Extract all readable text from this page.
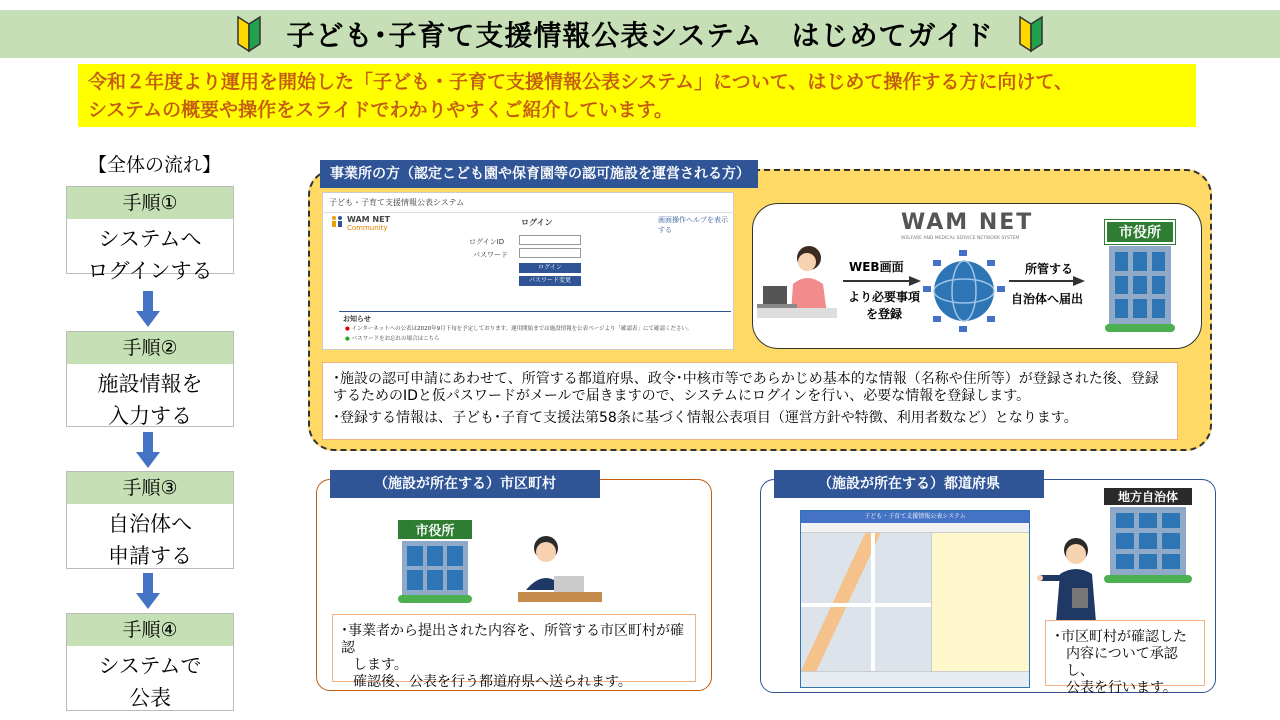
子ども･子育て支援情報公表システム　はじめてガイド
令和２年度より運用を開始した「子ども・子育て支援情報公表システム」について、はじめて操作する方に向けて、
システムの概要や操作をスライドでわかりやすくご紹介しています。
【全体の流れ】
手順①
システムへ
ログインする
手順②
施設情報を
入力する
手順③
自治体へ
申請する
手順④
システムで
公表
事業所の方（認定こども園や保育園等の認可施設を運営される方）
子ども・子育て支援情報公表システム
WAM NET
Community
ログイン	画面操作ヘルプを表示する
ログインID
パスワード
ログイン
パスワード変更
お知らせ
● インターネットへの公表は2020年9月下旬を予定しております。運用開始までは施設情報を公表ページより「確認表」にて確認ください。
● パスワードをお忘れの場合はこちら
WAM NET
WELFARE AND MEDICAL SERVICE NETWORK SYSTEM
WEB画面
より必要事項
を登録
所管する
自治体へ届出
市役所
･施設の認可申請にあわせて、所管する都道府県、政令･中核市等であらかじめ基本的な情報（名称や住所等）が登録された後、登録するためのIDと仮パスワードがメールで届きますので、システムにログインを行い、必要な情報を登録します。
･登録する情報は、子ども･子育て支援法第58条に基づく情報公表項目（運営方針や特徴、利用者数など）となります。
（施設が所在する）市区町村
市役所
･事業者から提出された内容を、所管する市区町村が確認
します。
確認後、公表を行う都道府県へ送られます。
（施設が所在する）都道府県
子ども・子育て支援情報公表システム
地方自治体
･市区町村が確認した
内容について承認し、
公表を行います。
